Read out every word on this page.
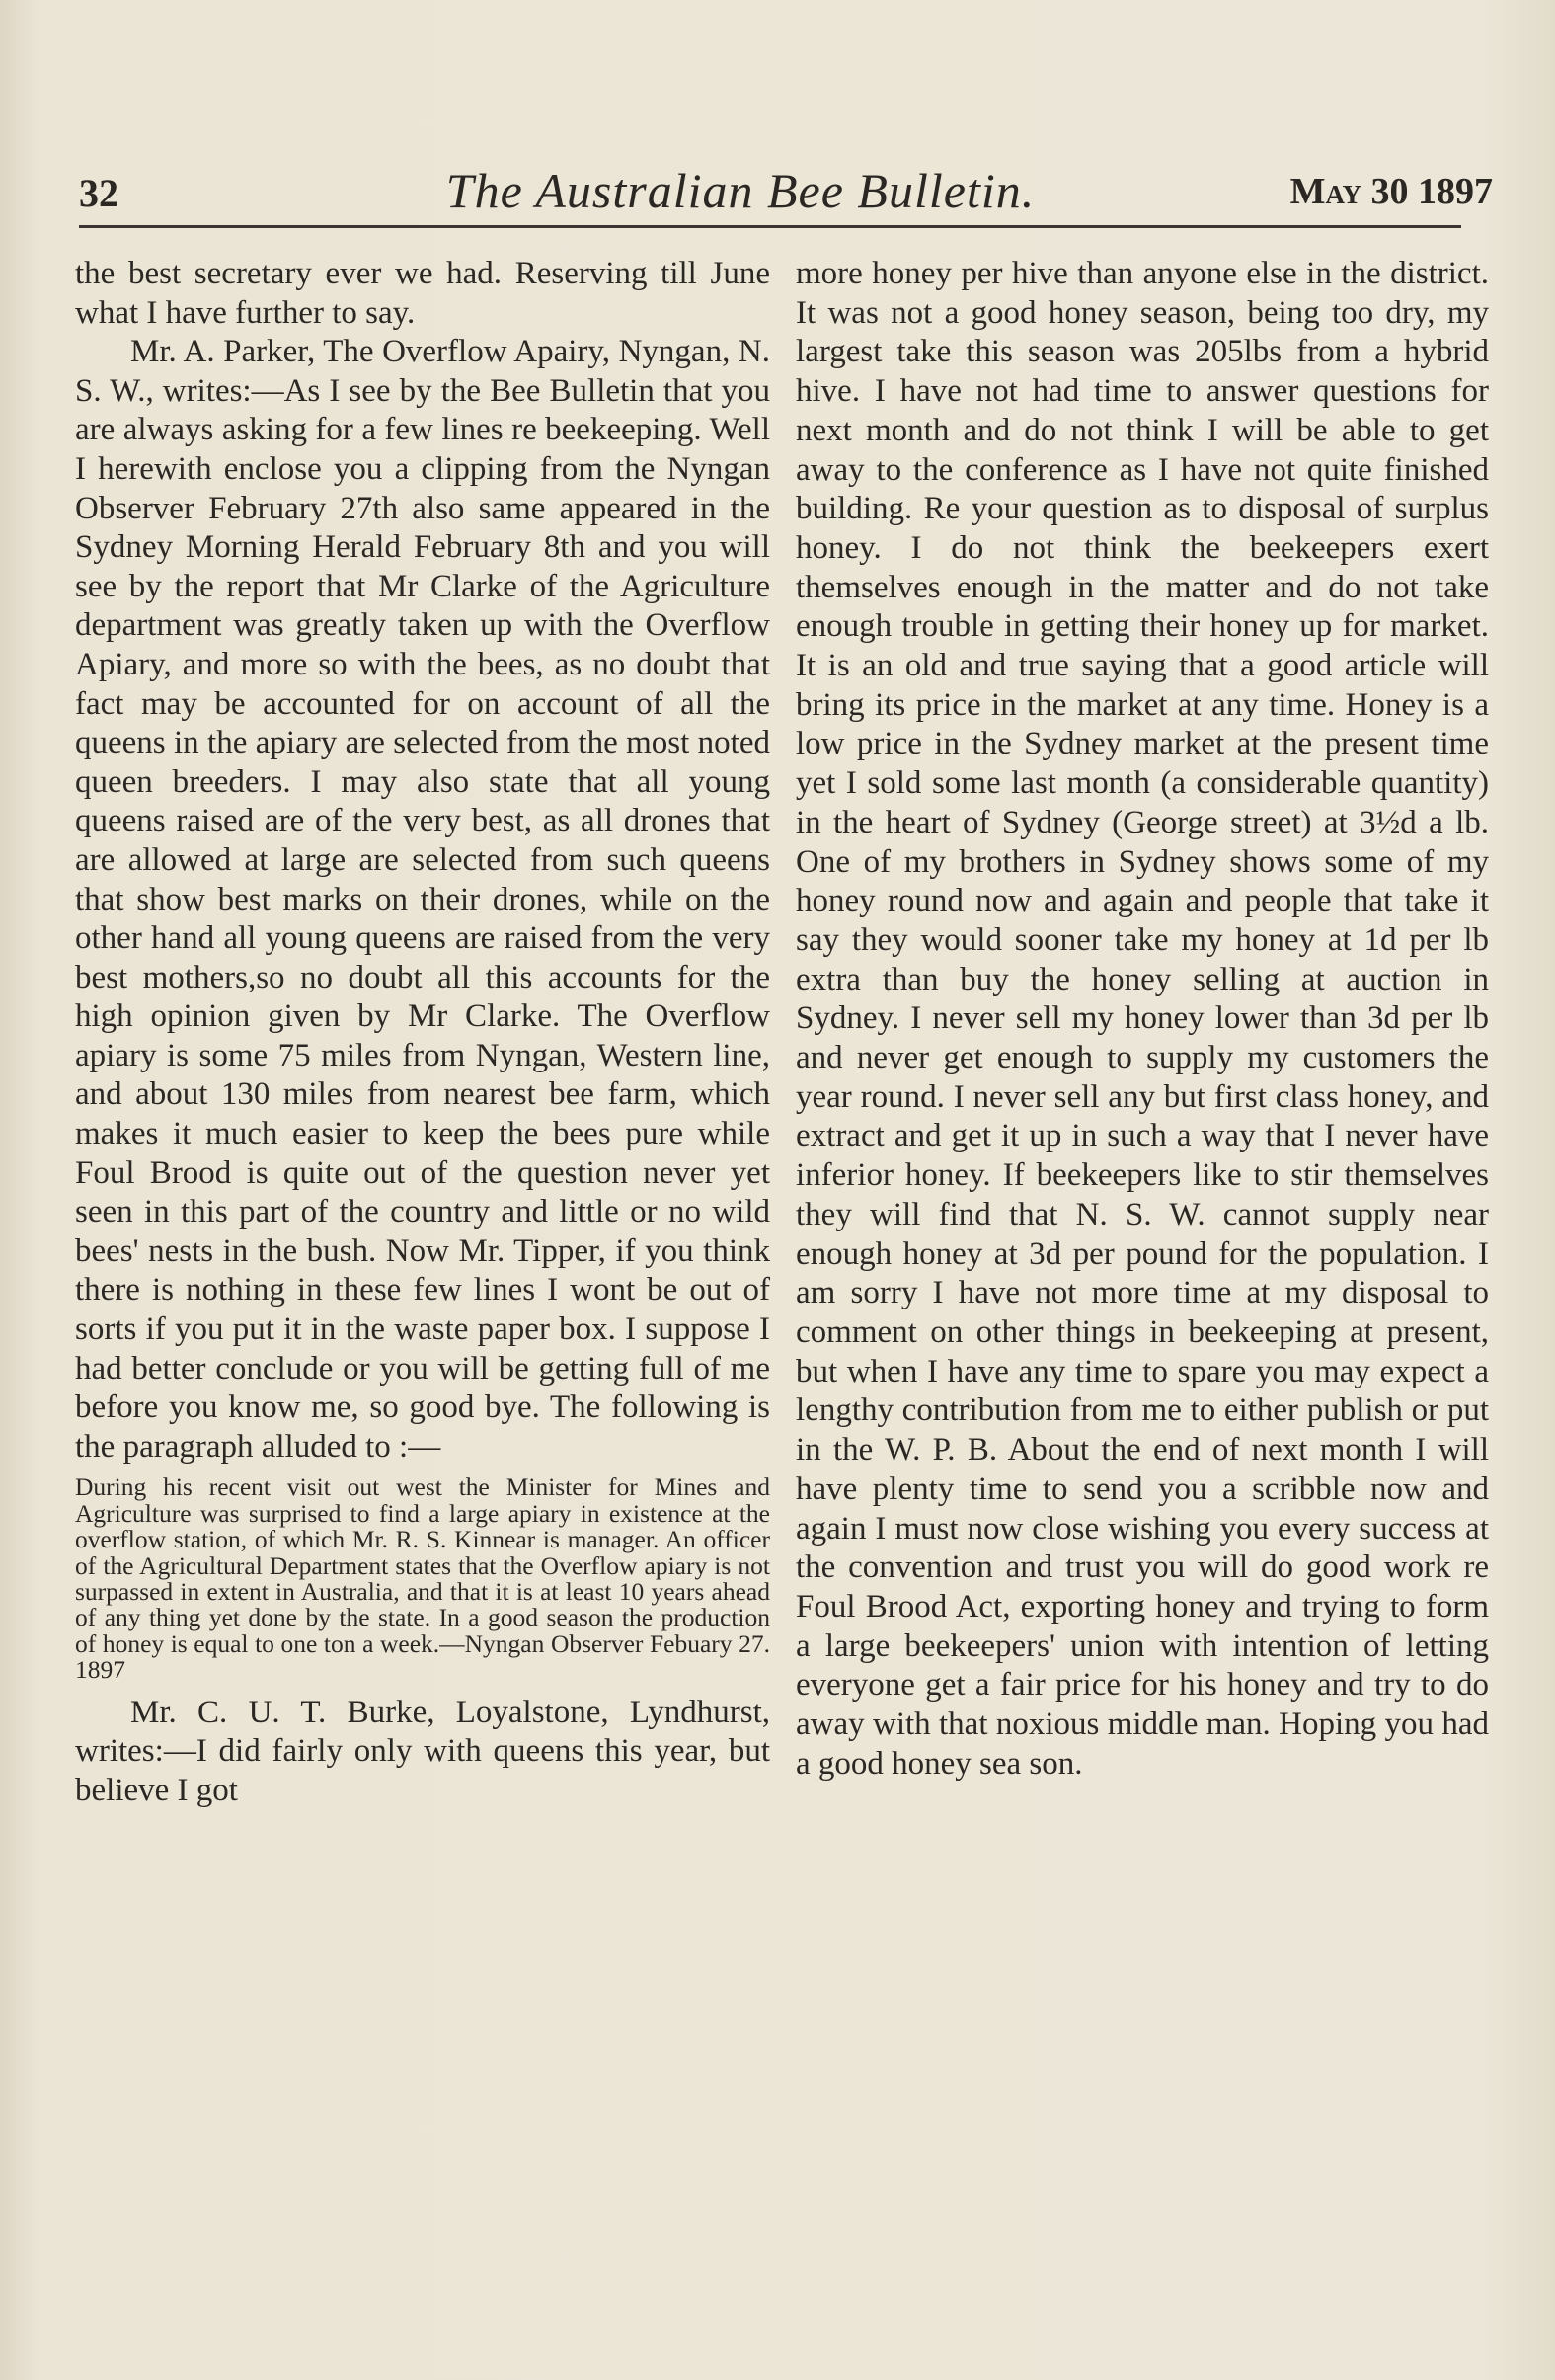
32	The Australian Bee Bulletin.	May 30 1897

the best secretary ever we had. Reserving till June what I have further to say.

Mr. A. Parker, The Overflow Apairy, Nyngan, N. S. W., writes:—As I see by the Bee Bulletin that you are always asking for a few lines re beekeeping. Well I herewith enclose you a clipping from the Nyngan Observer February 27th also same appeared in the Sydney Morning Herald February 8th and you will see by the report that Mr Clarke of the Agriculture department was greatly taken up with the Overflow Apiary, and more so with the bees, as no doubt that fact may be accounted for on account of all the queens in the apiary are selected from the most noted queen breeders. I may also state that all young queens raised are of the very best, as all drones that are allowed at large are selected from such queens that show best marks on their drones, while on the other hand all young queens are raised from the very best mothers,so no doubt all this accounts for the high opinion given by Mr Clarke. The Overflow apiary is some 75 miles from Nyngan, Western line, and about 130 miles from nearest bee farm, which makes it much easier to keep the bees pure while Foul Brood is quite out of the question never yet seen in this part of the country and little or no wild bees' nests in the bush. Now Mr. Tipper, if you think there is nothing in these few lines I wont be out of sorts if you put it in the waste paper box. I suppose I had better conclude or you will be getting full of me before you know me, so good bye. The following is the paragraph alluded to :—

During his recent visit out west the Minister for Mines and Agriculture was surprised to find a large apiary in existence at the overflow station, of which Mr. R. S. Kinnear is manager. An officer of the Agricultural Department states that the Overflow apiary is not surpassed in extent in Australia, and that it is at least 10 years ahead of any thing yet done by the state. In a good season the production of honey is equal to one ton a week.—Nyngan Observer Febuary 27. 1897

Mr. C. U. T. Burke, Loyalstone, Lyndhurst, writes:—I did fairly only with queens this year, but believe I got

more honey per hive than anyone else in the district. It was not a good honey season, being too dry, my largest take this season was 205lbs from a hybrid hive. I have not had time to answer questions for next month and do not think I will be able to get away to the conference as I have not quite finished building. Re your question as to disposal of surplus honey. I do not think the beekeepers exert themselves enough in the matter and do not take enough trouble in getting their honey up for market. It is an old and true saying that a good article will bring its price in the market at any time. Honey is a low price in the Sydney market at the present time yet I sold some last month (a considerable quantity) in the heart of Sydney (George street) at 3½d a lb. One of my brothers in Sydney shows some of my honey round now and again and people that take it say they would sooner take my honey at 1d per lb extra than buy the honey selling at auction in Sydney. I never sell my honey lower than 3d per lb and never get enough to supply my customers the year round. I never sell any but first class honey, and extract and get it up in such a way that I never have inferior honey. If beekeepers like to stir themselves they will find that N. S. W. cannot supply near enough honey at 3d per pound for the population. I am sorry I have not more time at my disposal to comment on other things in beekeeping at present, but when I have any time to spare you may expect a lengthy contribution from me to either publish or put in the W. P. B. About the end of next month I will have plenty time to send you a scribble now and again I must now close wishing you every success at the convention and trust you will do good work re Foul Brood Act, exporting honey and trying to form a large beekeepers' union with intention of letting everyone get a fair price for his honey and try to do away with that noxious middle man. Hoping you had a good honey sea son.
